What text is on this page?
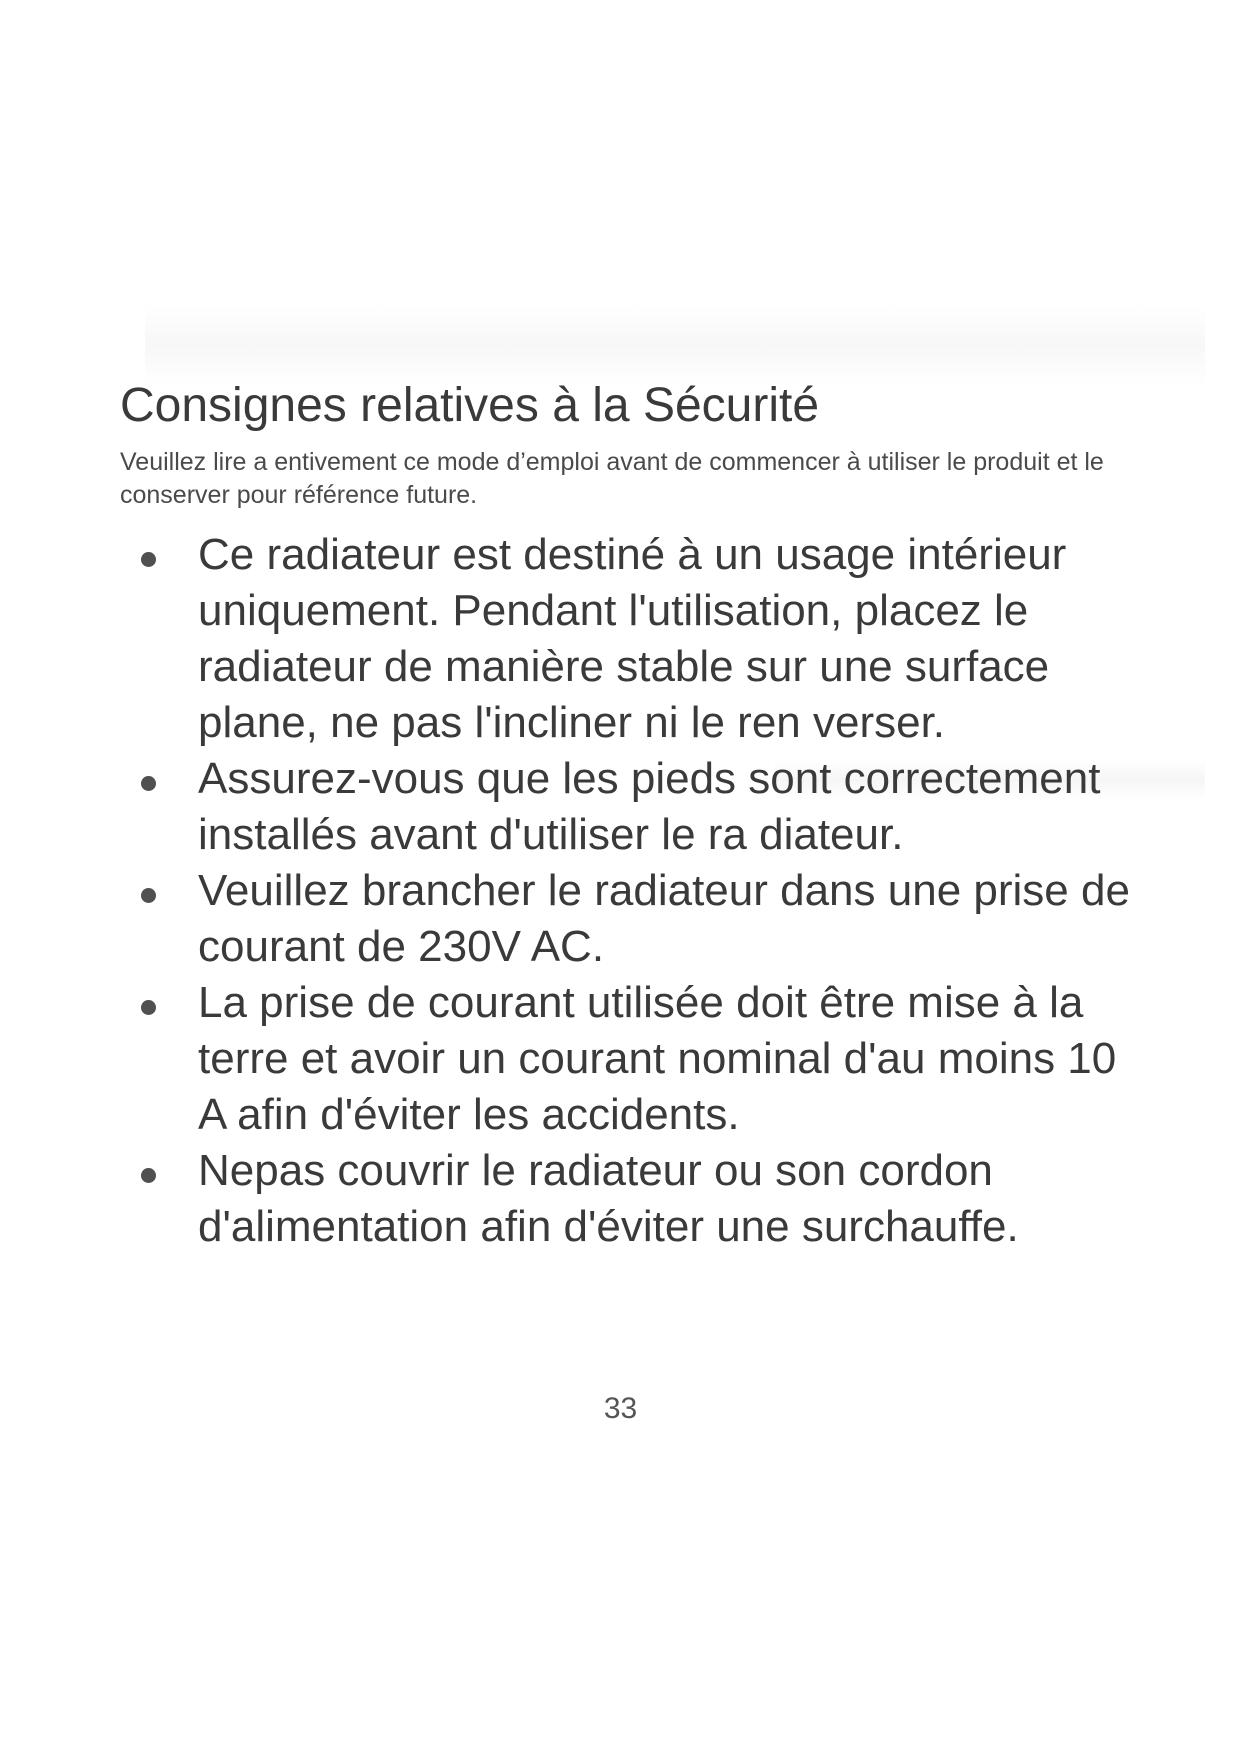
Consignes relatives à la Sécurité

Veuillez lire a entivement ce mode d’emploi avant de commencer à utiliser le produit et le conserver pour référence future.

Ce radiateur est destiné à un usage intérieur uniquement. Pendant l'utilisation, placez le radiateur de manière stable sur une surface plane, ne pas l'incliner ni le ren verser.
Assurez-vous que les pieds sont correctement installés avant d'utiliser le ra diateur.
Veuillez brancher le radiateur dans une prise de courant de 230V AC.
La prise de courant utilisée doit être mise à la terre et avoir un courant nominal d'au moins 10 A afin d'éviter les accidents.
Nepas couvrir le radiateur ou son cordon d'alimentation afin d'éviter une surchauffe.
33
